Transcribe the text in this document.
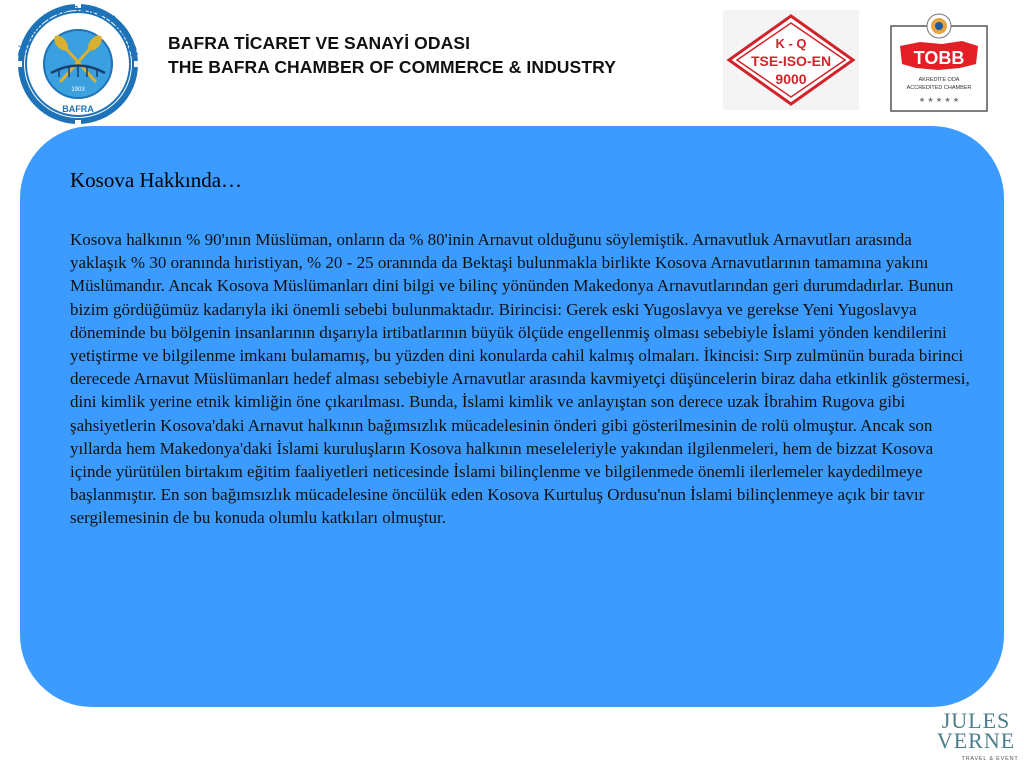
TİCARET ve SANAYİ ODASI
1903
BAFRA
BAFRA TİCARET VE SANAYİ ODASI
THE BAFRA CHAMBER OF COMMERCE & INDUSTRY
K - Q
TSE-ISO-EN
9000
TOBB
AKREDİTE ODA
ACCREDITED CHAMBER
★ ★ ★ ★ ★
Kosova Hakkında…

Kosova halkının % 90'ının Müslüman, onların da % 80'inin Arnavut olduğunu söylemiştik. Arnavutluk Arnavutları arasında yaklaşık % 30 oranında hıristiyan, % 20 - 25 oranında da Bektaşi bulunmakla birlikte Kosova Arnavutlarının tamamına yakını Müslümandır. Ancak Kosova Müslümanları dini bilgi ve bilinç yönünden Makedonya Arnavutlarından geri durumdadırlar. Bunun bizim gördüğümüz kadarıyla iki önemli sebebi bulunmaktadır. Birincisi: Gerek eski Yugoslavya ve gerekse Yeni Yugoslavya döneminde bu bölgenin insanlarının dışarıyla irtibatlarının büyük ölçüde engellenmiş olması sebebiyle İslami yönden kendilerini yetiştirme ve bilgilenme imkanı bulamamış, bu yüzden dini konularda cahil kalmış olmaları. İkincisi: Sırp zulmünün burada birinci derecede Arnavut Müslümanları hedef alması sebebiyle Arnavutlar arasında kavmiyetçi düşüncelerin biraz daha etkinlik göstermesi, dini kimlik yerine etnik kimliğin öne çıkarılması. Bunda, İslami kimlik ve anlayıştan son derece uzak İbrahim Rugova gibi şahsiyetlerin Kosova'daki Arnavut halkının bağımsızlık mücadelesinin önderi gibi gösterilmesinin de rolü olmuştur. Ancak son yıllarda hem Makedonya'daki İslami kuruluşların Kosova halkının meseleleriyle yakından ilgilenmeleri, hem de bizzat Kosova içinde yürütülen birtakım eğitim faaliyetleri neticesinde İslami bilinçlenme ve bilgilenmede önemli ilerlemeler kaydedilmeye başlanmıştır. En son bağımsızlık mücadelesine öncülük eden Kosova Kurtuluş Ordusu'nun İslami bilinçlenmeye açık bir tavır sergilemesinin de bu konuda olumlu katkıları olmuştur.

JULES
VERNE
TRAVEL & EVENT
